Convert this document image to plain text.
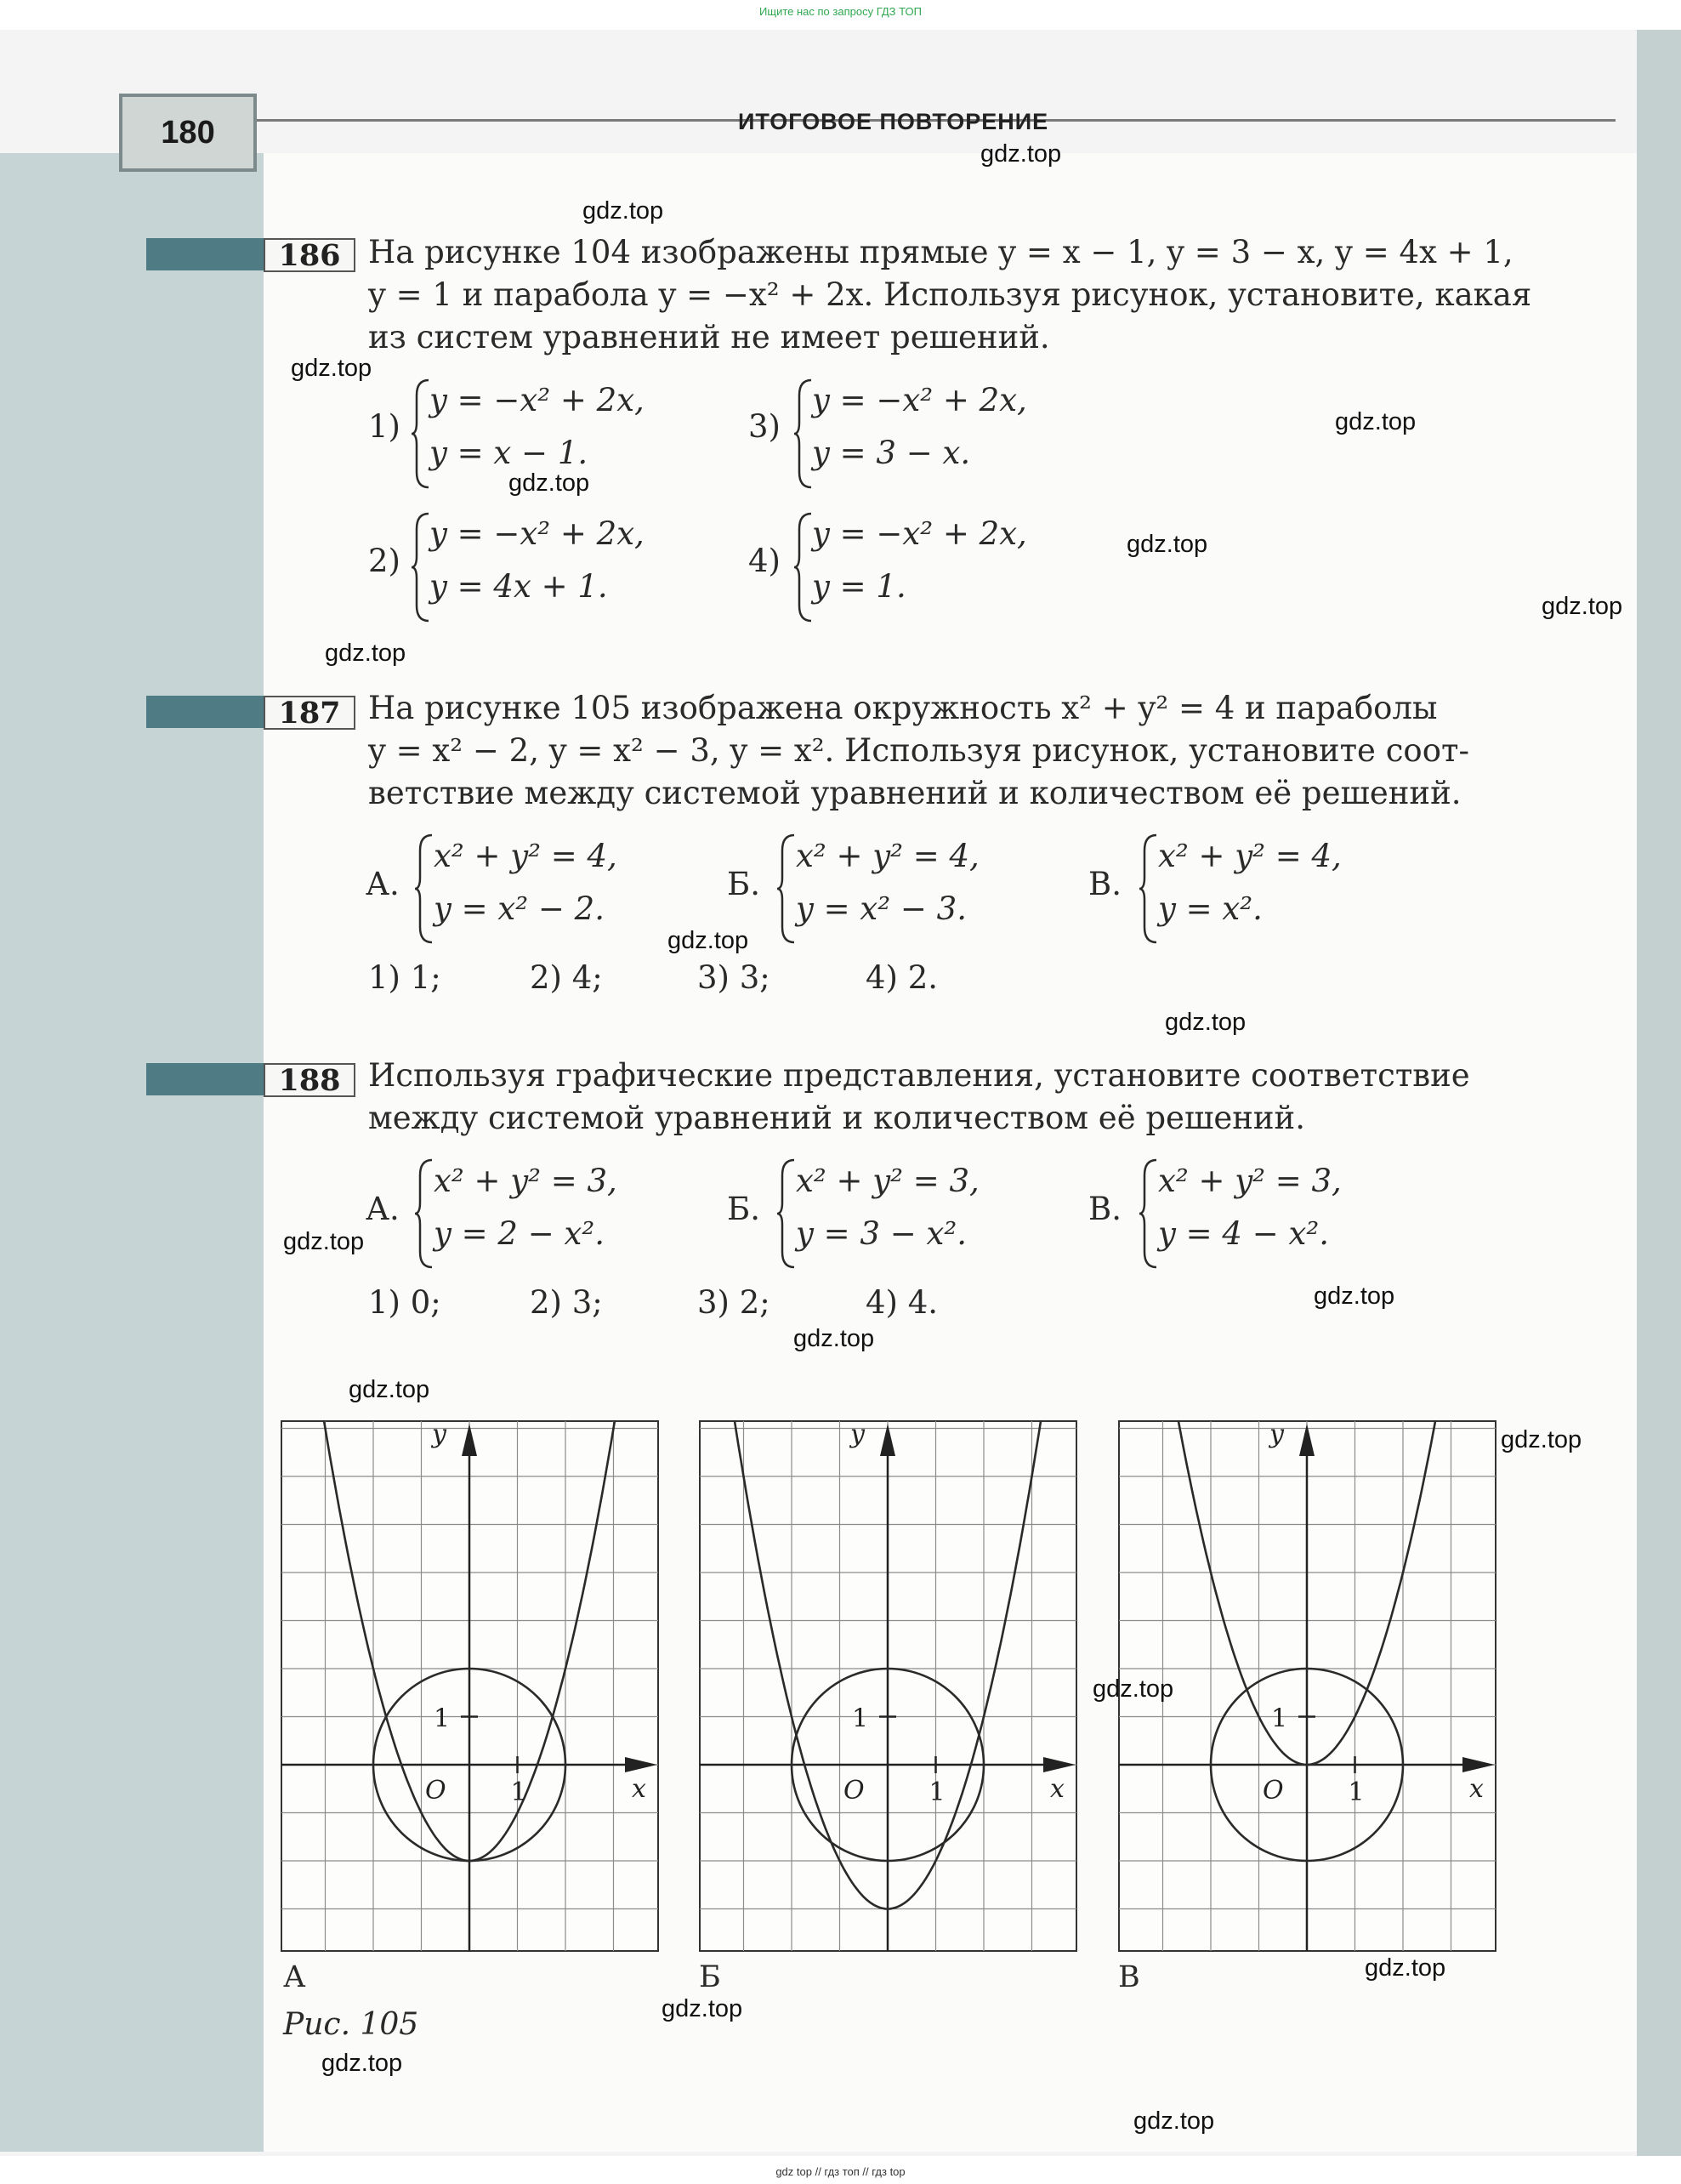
Ищите нас по запросу ГДЗ ТОП
180	ИТОГОВОЕ ПОВТОРЕНИЕ
186 На рисунке 104 изображены прямые y = x − 1, y = 3 − x, y = 4x + 1,
y = 1 и парабола y = −x² + 2x. Используя рисунок, установите, какая
из систем уравнений не имеет решений.
1)
y = −x² + 2x,
y = x − 1.
3)
y = −x² + 2x,
y = 3 − x.
2)
y = −x² + 2x,
y = 4x + 1.
4)
y = −x² + 2x,
y = 1.
187 На рисунке 105 изображена окружность x² + y² = 4 и параболы
y = x² − 2, y = x² − 3, y = x². Используя рисунок, установите соот-
ветствие между системой уравнений и количеством её решений.
А.
x² + y² = 4,
y = x² − 2.
Б.
x² + y² = 4,
y = x² − 3.
В.
x² + y² = 4,
y = x².
1) 1;	2) 4;	3) 3;	4) 2.
188 Используя графические представления, установите соответствие
между системой уравнений и количеством её решений.
А.
x² + y² = 3,
y = 2 − x².
Б.
x² + y² = 3,
y = 3 − x².
В.
x² + y² = 3,
y = 4 − x².
1) 0;	2) 3;	3) 2;	4) 4.
1
1
O	x
y
1
1
O	x
y
1
1
O	x
y
А	Б	В
Рис. 105
gdz.top
gdz.top
gdz.top
gdz.top
gdz.top
gdz.top
gdz.top
gdz.top
gdz.top
gdz.top
gdz.top
gdz.top
gdz.top
gdz.top
gdz.top
gdz.top
gdz.top
gdz.top
gdz.top
gdz.top
gdz top // гдз топ // гдз top
